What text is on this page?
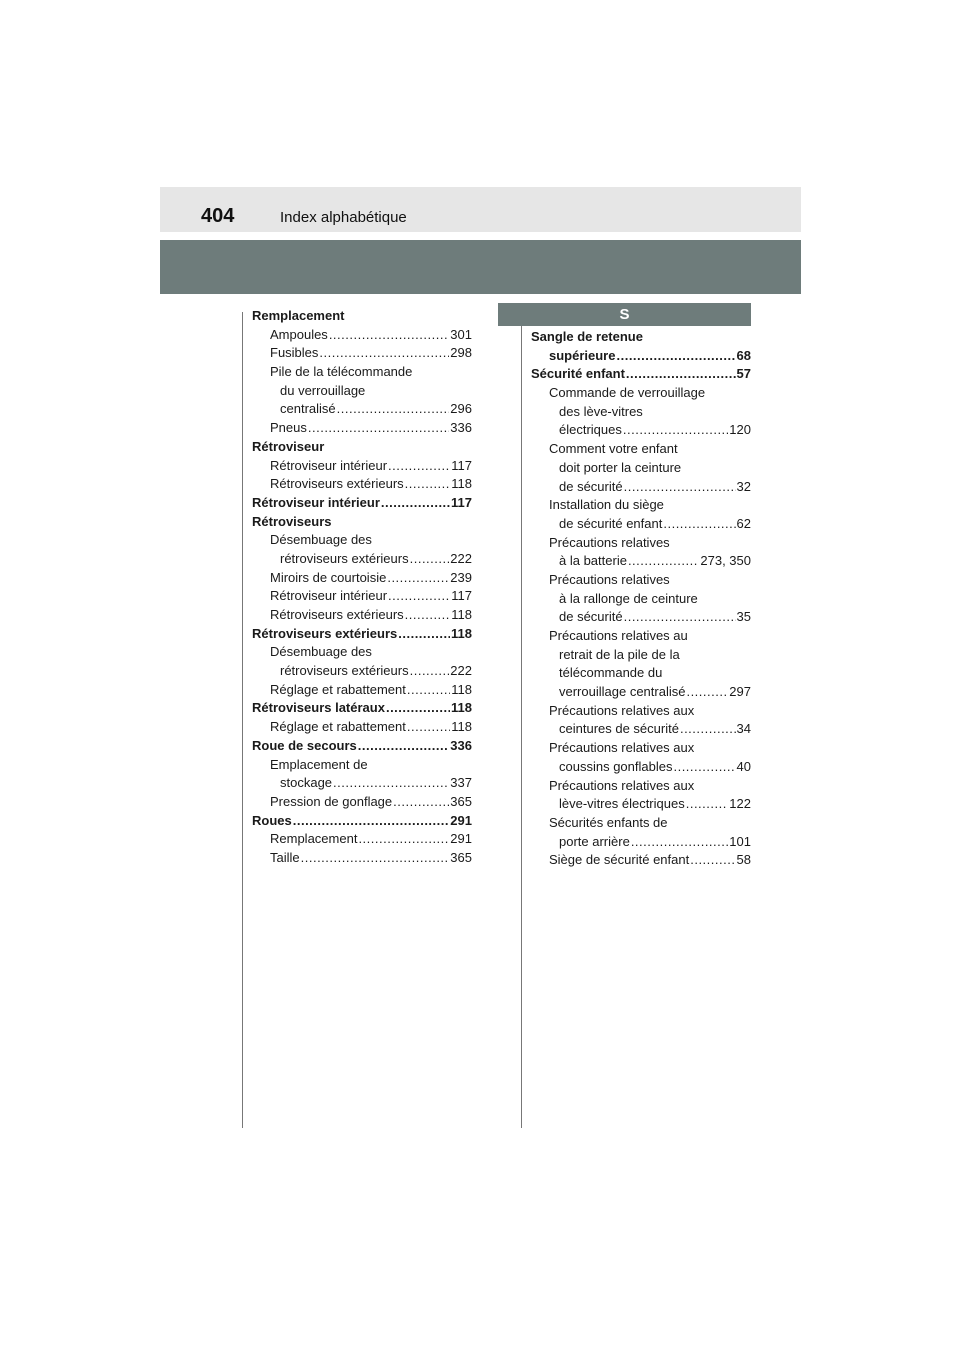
404	Index alphabétique
S
Remplacement
Ampoules .....	301
Fusibles .....	298
Pile de la télécommande
du verrouillage
centralisé .....	296
Pneus .....	336
Rétroviseur
Rétroviseur intérieur .....	117
Rétroviseurs extérieurs .....	118
Rétroviseur intérieur .....	117
Rétroviseurs
Désembuage des
rétroviseurs extérieurs .....	222
Miroirs de courtoisie .....	239
Rétroviseur intérieur .....	117
Rétroviseurs extérieurs .....	118
Rétroviseurs extérieurs .....	118
Désembuage des
rétroviseurs extérieurs .....	222
Réglage et rabattement .....	118
Rétroviseurs latéraux .....	118
Réglage et rabattement .....	118
Roue de secours .....	336
Emplacement de
stockage .....	337
Pression de gonflage .....	365
Roues .....	291
Remplacement .....	291
Taille .....	365
Sangle de retenue
supérieure .....	68
Sécurité enfant .....	57
Commande de verrouillage
des lève-vitres
électriques .....	120
Comment votre enfant
doit porter la ceinture
de sécurité .....	32
Installation du siège
de sécurité enfant .....	62
Précautions relatives
à la batterie .....	273, 350
Précautions relatives
à la rallonge de ceinture
de sécurité .....	35
Précautions relatives au
retrait de la pile de la
télécommande du
verrouillage centralisé .....	297
Précautions relatives aux
ceintures de sécurité .....	34
Précautions relatives aux
coussins gonflables .....	40
Précautions relatives aux
lève-vitres électriques .....	122
Sécurités enfants de
porte arrière .....	101
Siège de sécurité enfant .....	58
